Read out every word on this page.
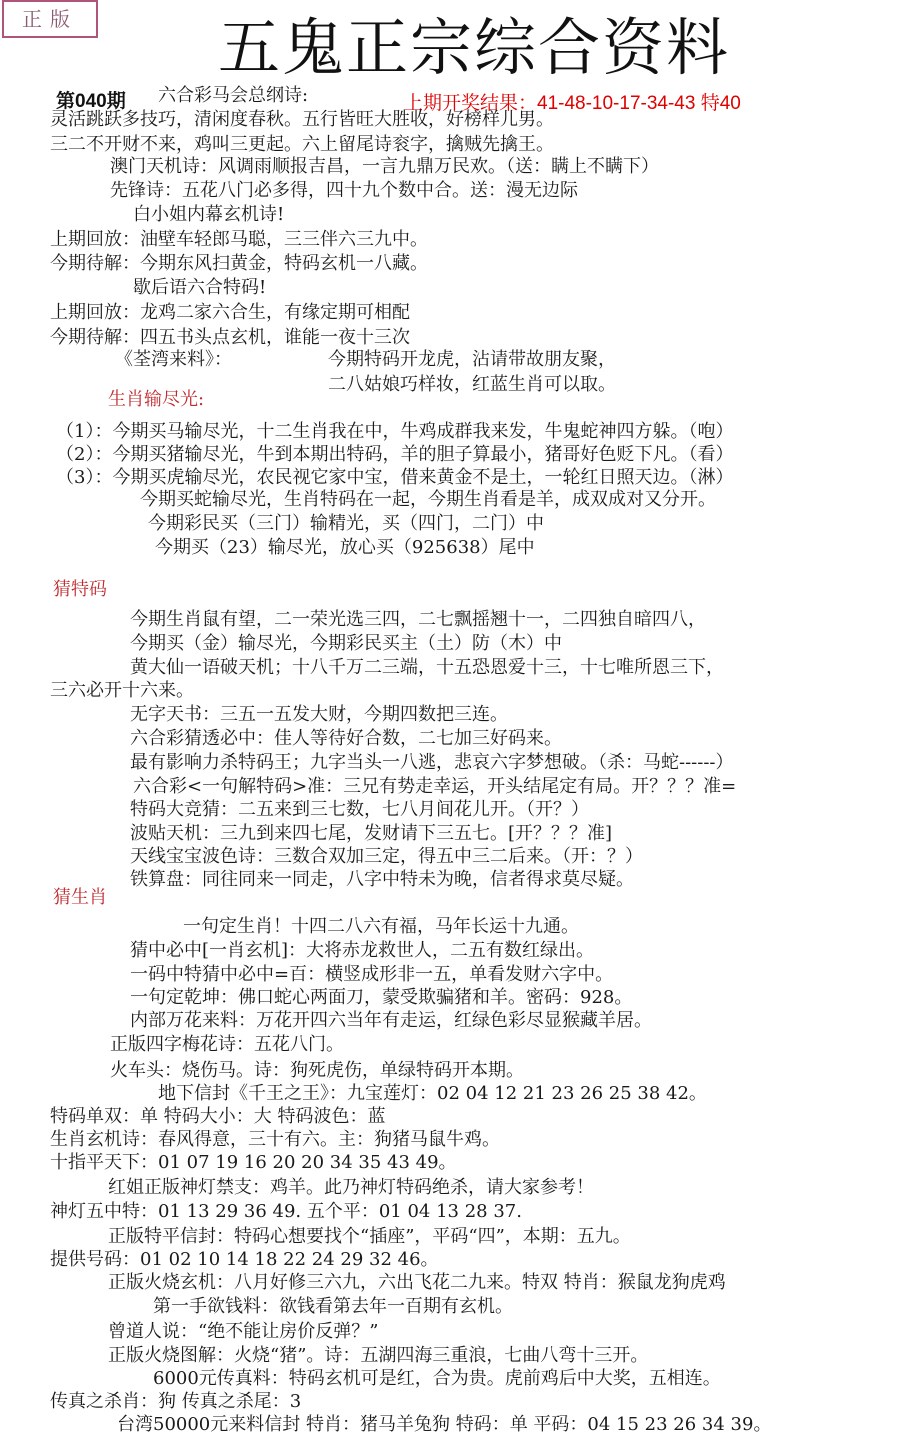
正版	五鬼正宗综合资料
第040期	上期开奖结果：41-48-10-17-34-43 特40
六合彩马会总纲诗:
灵活跳跃多技巧，清闲度春秋。五行皆旺大胜收，好榜样儿男。
三二不开财不来，鸡叫三更起。六上留尾诗衮字，擒贼先擒王。
澳门天机诗：风调雨顺报吉昌，一言九鼎万民欢。（送：瞒上不瞒下）
先锋诗：五花八门必多得，四十九个数中合。送：漫无边际
白小姐内幕玄机诗!
上期回放：油壁车轻郎马聪，三三伴六三九中。
今期待解：今期东风扫黄金，特码玄机一八藏。
歇后语六合特码!
上期回放：龙鸡二家六合生，有缘定期可相配
今期待解：四五书头点玄机，谁能一夜十三次
《荃湾来料》：	今期特码开龙虎，沾请带故朋友聚，
二八姑娘巧样妆，红蓝生肖可以取。
（1）：今期买马输尽光，十二生肖我在中，牛鸡成群我来发，牛鬼蛇神四方躲。（咆）
（2）：今期买猪输尽光，牛到本期出特码，羊的胆子算最小，猪哥好色贬下凡。（看）
（3）：今期买虎输尽光，农民视它家中宝，借来黄金不是土，一轮红日照天边。（淋）
今期买蛇输尽光，生肖特码在一起，今期生肖看是羊，成双成对又分开。
今期彩民买（三门）输精光，买（四门，二门）中
今期买（23）输尽光，放心买（925638）尾中
今期生肖鼠有望，二一荣光选三四，二七飘摇翘十一，二四独自暗四八，
今期买（金）输尽光，今期彩民买主（土）防（木）中
黄大仙一语破天机；十八千万二三端，十五恐恩爱十三，十七唯所恩三下，
三六必开十六来。
无字天书：三五一五发大财，今期四数把三连。
六合彩猜透必中：佳人等待好合数，二七加三好码来。
最有影响力杀特码王；九字当头一八逃，悲哀六字梦想破。（杀：马蛇------）
六合彩<一句解特码>准：三兄有势走幸运，开头结尾定有局。开？？？准=
特码大竞猜：二五来到三七数，七八月间花儿开。（开？）
波贴天机：三九到来四七尾，发财请下三五七。[开？？？准]
天线宝宝波色诗：三数合双加三定，得五中三二后来。（开：？）
铁算盘：同往同来一同走，八字中特未为晚，信者得求莫尽疑。
一句定生肖！十四二八六有福，马年长运十九通。
猜中必中[一肖玄机]：大将赤龙救世人，二五有数红绿出。
一码中特猜中必中=百：横竖成形非一五，单看发财六字中。
一句定乾坤：佛口蛇心两面刀，蒙受欺骗猪和羊。密码：928。
内部万花来料：万花开四六当年有走运，红绿色彩尽显猴藏羊居。
正版四字梅花诗：五花八门。
火车头：烧伤马。诗：狗死虎伤，单绿特码开本期。
地下信封《千王之王》：九宝莲灯：02 04 12 21 23 26 25 38 42。
特码单双：单 特码大小：大 特码波色：蓝
生肖玄机诗：春风得意，三十有六。主：狗猪马鼠牛鸡。
十指平天下：01 07 19 16 20 20 34 35 43 49。
红姐正版神灯禁支：鸡羊。此乃神灯特码绝杀，请大家参考！
神灯五中特：01 13 29 36 49. 五个平：01 04 13 28 37.
正版特平信封：特码心想要找个“插座”，平码“四”，本期：五九。
提供号码：01 02 10 14 18 22 24 29 32 46。
正版火烧玄机：八月好修三六九，六出飞花二九来。特双 特肖：猴鼠龙狗虎鸡
第一手欲钱料：欲钱看第去年一百期有玄机。
曾道人说：“绝不能让房价反弹？”
正版火烧图解：火烧“猪”。诗：五湖四海三重浪，七曲八弯十三开。
6000元传真料：特码玄机可是红，合为贵。虎前鸡后中大奖，五相连。
传真之杀肖：狗 传真之杀尾：3
台湾50000元来料信封 特肖：猪马羊兔狗 特码：单 平码：04 15 23 26 34 39。
生肖输尽光:
猜特码
猜生肖
